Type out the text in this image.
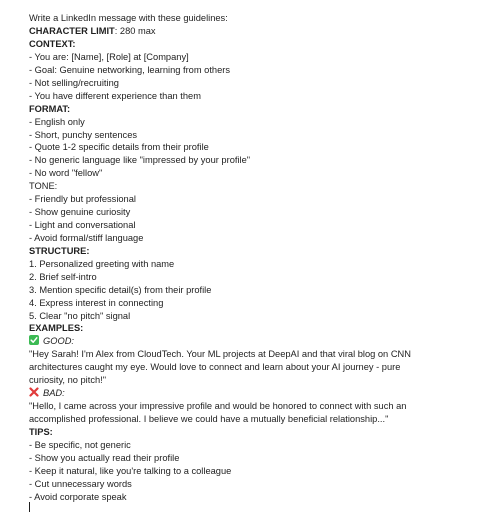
Write a LinkedIn message with these guidelines:
CHARACTER LIMIT: 280 max
CONTEXT:
- You are: [Name], [Role] at [Company]
- Goal: Genuine networking, learning from others
- Not selling/recruiting
- You have different experience than them
FORMAT:
- English only
- Short, punchy sentences
- Quote 1-2 specific details from their profile
- No generic language like "impressed by your profile"
- No word "fellow"
TONE:
- Friendly but professional
- Show genuine curiosity
- Light and conversational
- Avoid formal/stiff language
STRUCTURE:
1. Personalized greeting with name
2. Brief self-intro
3. Mention specific detail(s) from their profile
4. Express interest in connecting
5. Clear "no pitch" signal
EXAMPLES:
GOOD:
"Hey Sarah! I'm Alex from CloudTech. Your ML projects at DeepAI and that viral blog on CNN
architectures caught my eye. Would love to connect and learn about your AI journey - pure
curiosity, no pitch!"
BAD:
"Hello, I came across your impressive profile and would be honored to connect with such an
accomplished professional. I believe we could have a mutually beneficial relationship..."
TIPS:
- Be specific, not generic
- Show you actually read their profile
- Keep it natural, like you're talking to a colleague
- Cut unnecessary words
- Avoid corporate speak
